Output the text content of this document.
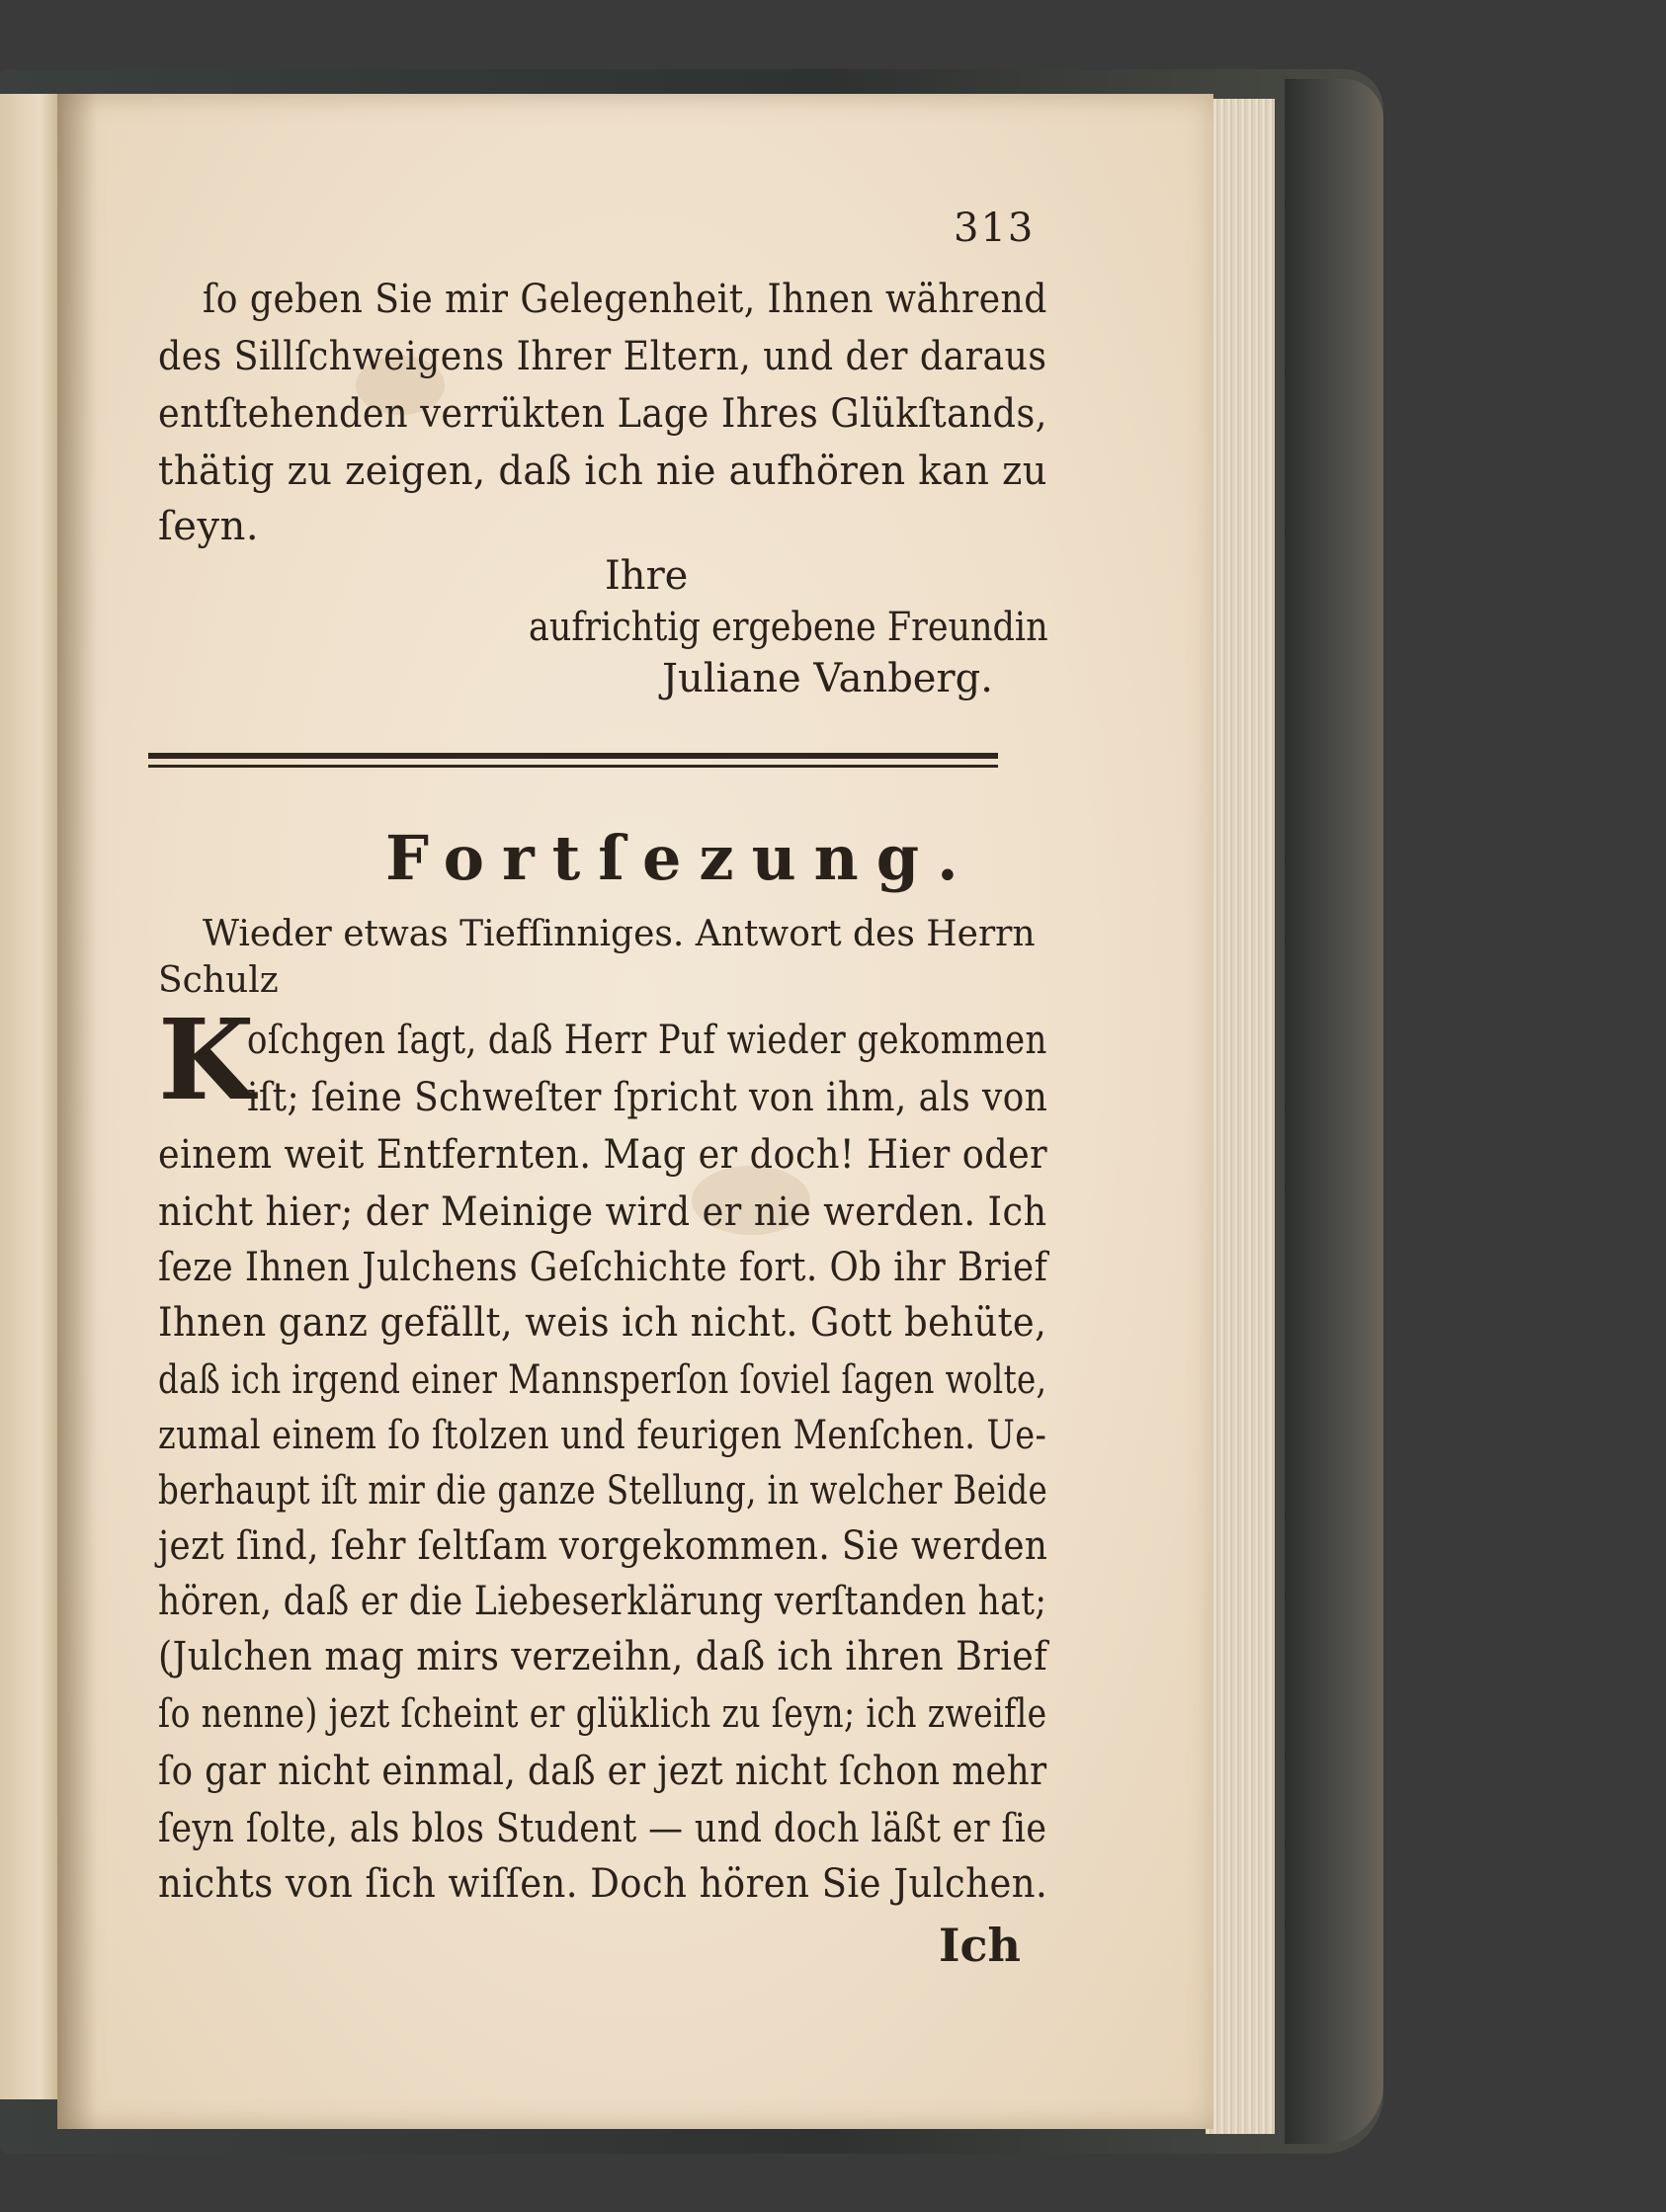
313
ſo geben Sie mir Gelegenheit, Ihnen während
des Sillſchweigens Ihrer Eltern, und der daraus
entſtehenden verrükten Lage Ihres Glükſtands,
thätig zu zeigen, daß ich nie aufhören kan zu
ſeyn.
Ihre
aufrichtig ergebene Freundin
Juliane Vanberg.
Fortſezung.
Wieder etwas Tiefſinniges. Antwort des Herrn
Schulz
K
oſchgen ſagt, daß Herr Puf wieder gekommen
iſt; ſeine Schweſter ſpricht von ihm, als von
einem weit Entfernten. Mag er doch! Hier oder
nicht hier; der Meinige wird er nie werden. Ich
ſeze Ihnen Julchens Geſchichte fort. Ob ihr Brief
Ihnen ganz gefällt, weis ich nicht. Gott behüte,
daß ich irgend einer Mannsperſon ſoviel ſagen wolte,
zumal einem ſo ſtolzen und feurigen Menſchen. Ue-
berhaupt iſt mir die ganze Stellung, in welcher Beide
jezt ſind, ſehr ſeltſam vorgekommen. Sie werden
hören, daß er die Liebeserklärung verſtanden hat;
(Julchen mag mirs verzeihn, daß ich ihren Brief
ſo nenne) jezt ſcheint er glüklich zu ſeyn; ich zweifle
ſo gar nicht einmal, daß er jezt nicht ſchon mehr
ſeyn ſolte, als blos Student — und doch läßt er ſie
nichts von ſich wiſſen. Doch hören Sie Julchen.
Ich
